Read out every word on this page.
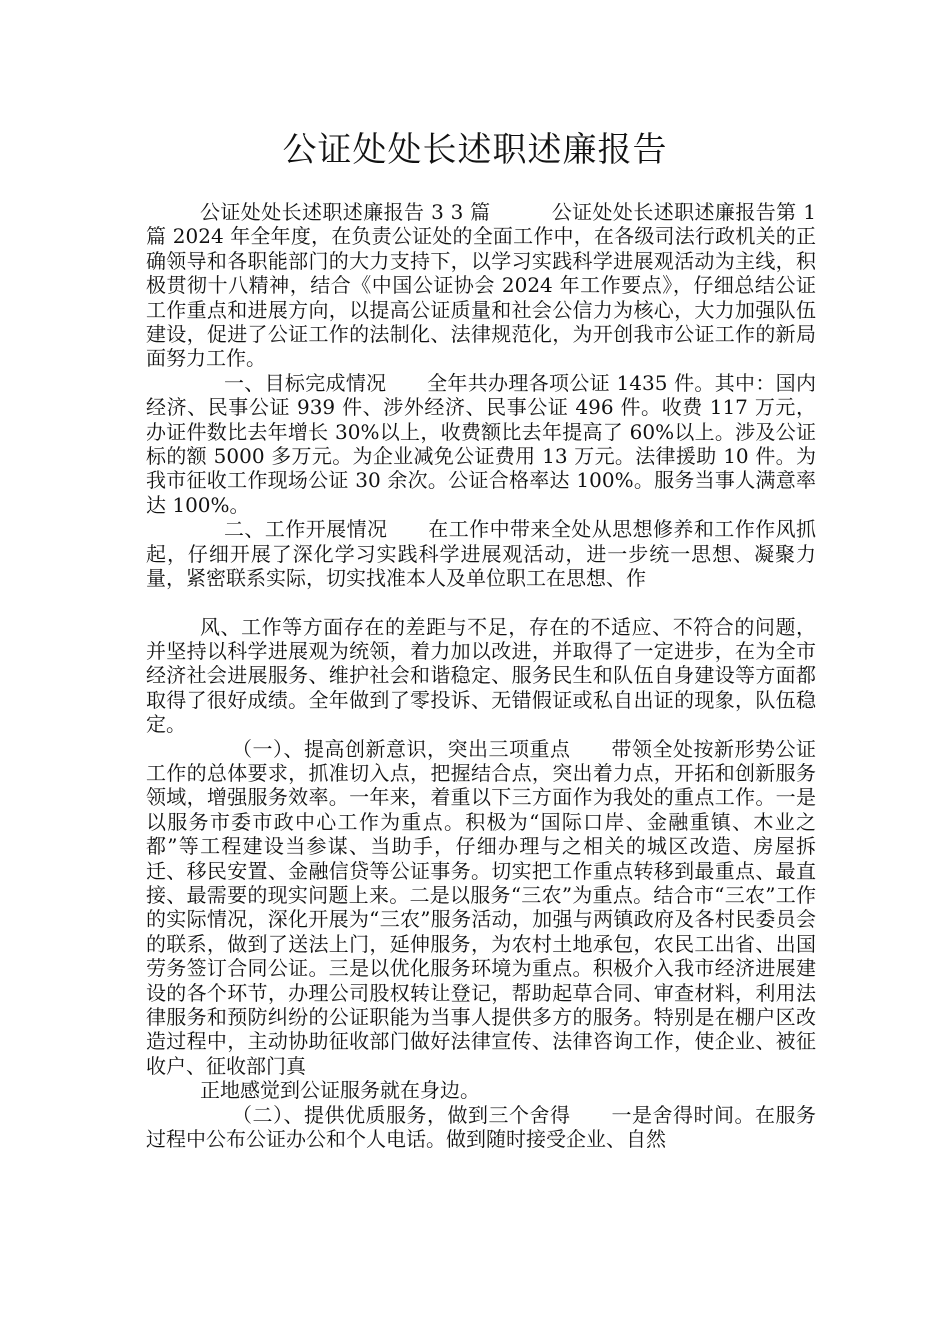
公证处处长述职述廉报告

公证处处长述职述廉报告 3 3 篇　　　公证处处长述职述廉报告第 1 篇 2024 年全年度，在负责公证处的全面工作中，在各级司法行政机关的正确领导和各职能部门的大力支持下，以学习实践科学进展观活动为主线，积极贯彻十八精神，结合《中国公证协会 2024 年工作要点》，仔细总结公证工作重点和进展方向，以提高公证质量和社会公信力为核心，大力加强队伍建设，促进了公证工作的法制化、法律规范化，为开创我市公证工作的新局面努力工作。

一、目标完成情况　　全年共办理各项公证 1435 件。其中：国内经济、民事公证 939 件、涉外经济、民事公证 496 件。收费 117 万元，办证件数比去年增长 30%以上，收费额比去年提高了 60%以上。涉及公证标的额 5000 多万元。为企业减免公证费用 13 万元。法律援助 10 件。为我市征收工作现场公证 30 余次。公证合格率达 100%。服务当事人满意率达 100%。

二、工作开展情况　　在工作中带来全处从思想修养和工作作风抓起，仔细开展了深化学习实践科学进展观活动，进一步统一思想、凝聚力量，紧密联系实际，切实找准本人及单位职工在思想、作

风、工作等方面存在的差距与不足，存在的不适应、不符合的问题，并坚持以科学进展观为统领，着力加以改进，并取得了一定进步，在为全市经济社会进展服务、维护社会和谐稳定、服务民生和队伍自身建设等方面都取得了很好成绩。全年做到了零投诉、无错假证或私自出证的现象，队伍稳定。

（一）、提高创新意识，突出三项重点　　带领全处按新形势公证工作的总体要求，抓准切入点，把握结合点，突出着力点，开拓和创新服务领域，增强服务效率。一年来，着重以下三方面作为我处的重点工作。一是以服务市委市政中心工作为重点。积极为“国际口岸、金融重镇、木业之都”等工程建设当参谋、当助手，仔细办理与之相关的城区改造、房屋拆迁、移民安置、金融信贷等公证事务。切实把工作重点转移到最重点、最直接、最需要的现实问题上来。二是以服务“三农”为重点。结合市“三农”工作的实际情况，深化开展为“三农”服务活动，加强与两镇政府及各村民委员会的联系，做到了送法上门，延伸服务，为农村土地承包，农民工出省、出国劳务签订合同公证。三是以优化服务环境为重点。积极介入我市经济进展建设的各个环节，办理公司股权转让登记，帮助起草合同、审查材料，利用法律服务和预防纠纷的公证职能为当事人提供多方的服务。特别是在棚户区改造过程中，主动协助征收部门做好法律宣传、法律咨询工作，使企业、被征收户、征收部门真

正地感觉到公证服务就在身边。

（二）、提供优质服务，做到三个舍得　　一是舍得时间。在服务过程中公布公证办公和个人电话。做到随时接受企业、自然
